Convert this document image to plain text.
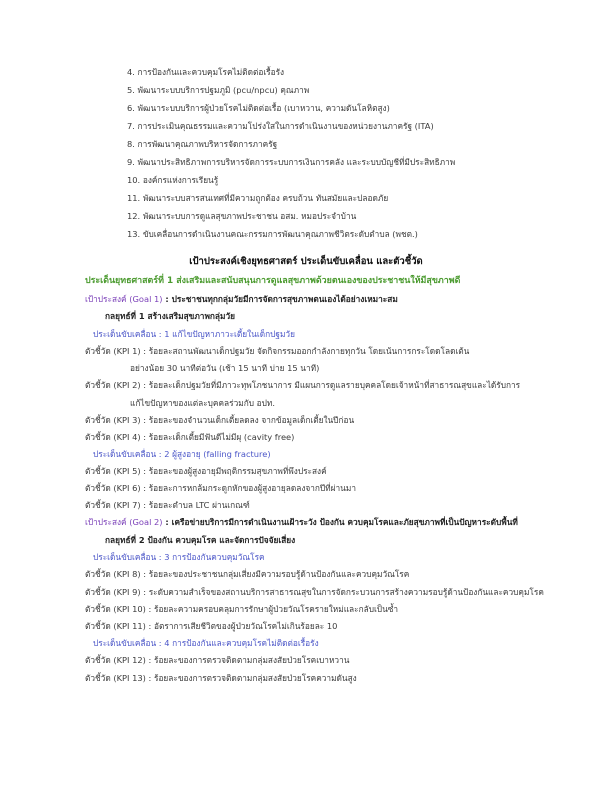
4. การป้องกันและควบคุมโรคไม่ติดต่อเรื้อรัง
5. พัฒนาระบบบริการปฐมภูมิ (pcu/npcu) คุณภาพ
6. พัฒนาระบบบริการผู้ป่วยโรคไม่ติดต่อเรื้อ (เบาหวาน, ความดันโลหิตสูง)
7. การประเมินคุณธรรมและความโปร่งใสในการดำเนินงานของหน่วยงานภาครัฐ (ITA)
8. การพัฒนาคุณภาพบริหารจัดการภาครัฐ
9. พัฒนาประสิทธิภาพการบริหารจัดการระบบการเงินการคลัง และระบบบัญชีที่มีประสิทธิภาพ
10. องค์กรแห่งการเรียนรู้
11. พัฒนาระบบสารสนเทศที่มีความถูกต้อง ครบถ้วน ทันสมัยและปลอดภัย
12. พัฒนาระบบการดูแลสุขภาพประชาชน อสม. หมอประจำบ้าน
13. ขับเคลื่อนการดำเนินงานคณะกรรมการพัฒนาคุณภาพชีวิตระดับตำบล (พชต.)
เป้าประสงค์เชิงยุทธศาสตร์ ประเด็นขับเคลื่อน และตัวชี้วัด
ประเด็นยุทธศาสตร์ที่ 1 ส่งเสริมและสนับสนุนการดูแลสุขภาพด้วยตนเองของประชาชนให้มีสุขภาพดี
เป้าประสงค์ (Goal 1) : ประชาชนทุกกลุ่มวัยมีการจัดการสุขภาพตนเองได้อย่างเหมาะสม
กลยุทธ์ที่ 1 สร้างเสริมสุขภาพกลุ่มวัย
ประเด็นขับเคลื่อน : 1 แก้ไขปัญหาภาวะเตี้ยในเด็กปฐมวัย
ตัวชี้วัด (KPI 1) : ร้อยละสถานพัฒนาเด็กปฐมวัย จัดกิจกรรมออกกำลังกายทุกวัน โดยเน้นการกระโดดโลดเต้น
อย่างน้อย 30 นาทีต่อวัน (เช้า 15 นาที บ่าย 15 นาที)
ตัวชี้วัด (KPI 2) : ร้อยละเด็กปฐมวัยที่มีภาวะทุพโภชนาการ มีแผนการดูแลรายบุคคลโดยเจ้าหน้าที่สาธารณสุขและได้รับการ
แก้ไขปัญหาของแต่ละบุคคลร่วมกับ อปท.
ตัวชี้วัด (KPI 3) : ร้อยละของจำนวนเด็กเตี้ยลดลง จากข้อมูลเด็กเตี้ยในปีก่อน
ตัวชี้วัด (KPI 4) : ร้อยละเด็กเตี้ยมีฟันดีไม่มีผุ (cavity free)
ประเด็นขับเคลื่อน : 2 ผู้สูงอายุ (falling fracture)
ตัวชี้วัด (KPI 5) : ร้อยละของผู้สูงอายุมีพฤติกรรมสุขภาพที่พึงประสงค์
ตัวชี้วัด (KPI 6) : ร้อยละการหกล้มกระดูกหักของผู้สูงอายุลดลงจากปีที่ผ่านมา
ตัวชี้วัด (KPI 7) : ร้อยละตำบล LTC ผ่านเกณฑ์
เป้าประสงค์ (Goal 2) : เครือข่ายบริการมีการดำเนินงานเฝ้าระวัง ป้องกัน ควบคุมโรคและภัยสุขภาพที่เป็นปัญหาระดับพื้นที่
กลยุทธ์ที่ 2 ป้องกัน ควบคุมโรค และจัดการปัจจัยเสี่ยง
ประเด็นขับเคลื่อน : 3 การป้องกันควบคุมวัณโรค
ตัวชี้วัด (KPI 8) : ร้อยละของประชาชนกลุ่มเสี่ยงมีความรอบรู้ด้านป้องกันและควบคุมวัณโรค
ตัวชี้วัด (KPI 9) : ระดับความสำเร็จของสถานบริการสาธารณสุขในการจัดกระบวนการสร้างความรอบรู้ด้านป้องกันและควบคุมโรค
ตัวชี้วัด (KPI 10) : ร้อยละความครอบคลุมการรักษาผู้ป่วยวัณโรครายใหม่และกลับเป็นซ้ำ
ตัวชี้วัด (KPI 11) : อัตราการเสียชีวิตของผู้ป่วยวัณโรคไม่เกินร้อยละ 10
ประเด็นขับเคลื่อน : 4 การป้องกันและควบคุมโรคไม่ติดต่อเรื้อรัง
ตัวชี้วัด (KPI 12) : ร้อยละของการตรวจติดตามกลุ่มสงสัยป่วยโรคเบาหวาน
ตัวชี้วัด (KPI 13) : ร้อยละของการตรวจติดตามกลุ่มสงสัยป่วยโรคความดันสูง
